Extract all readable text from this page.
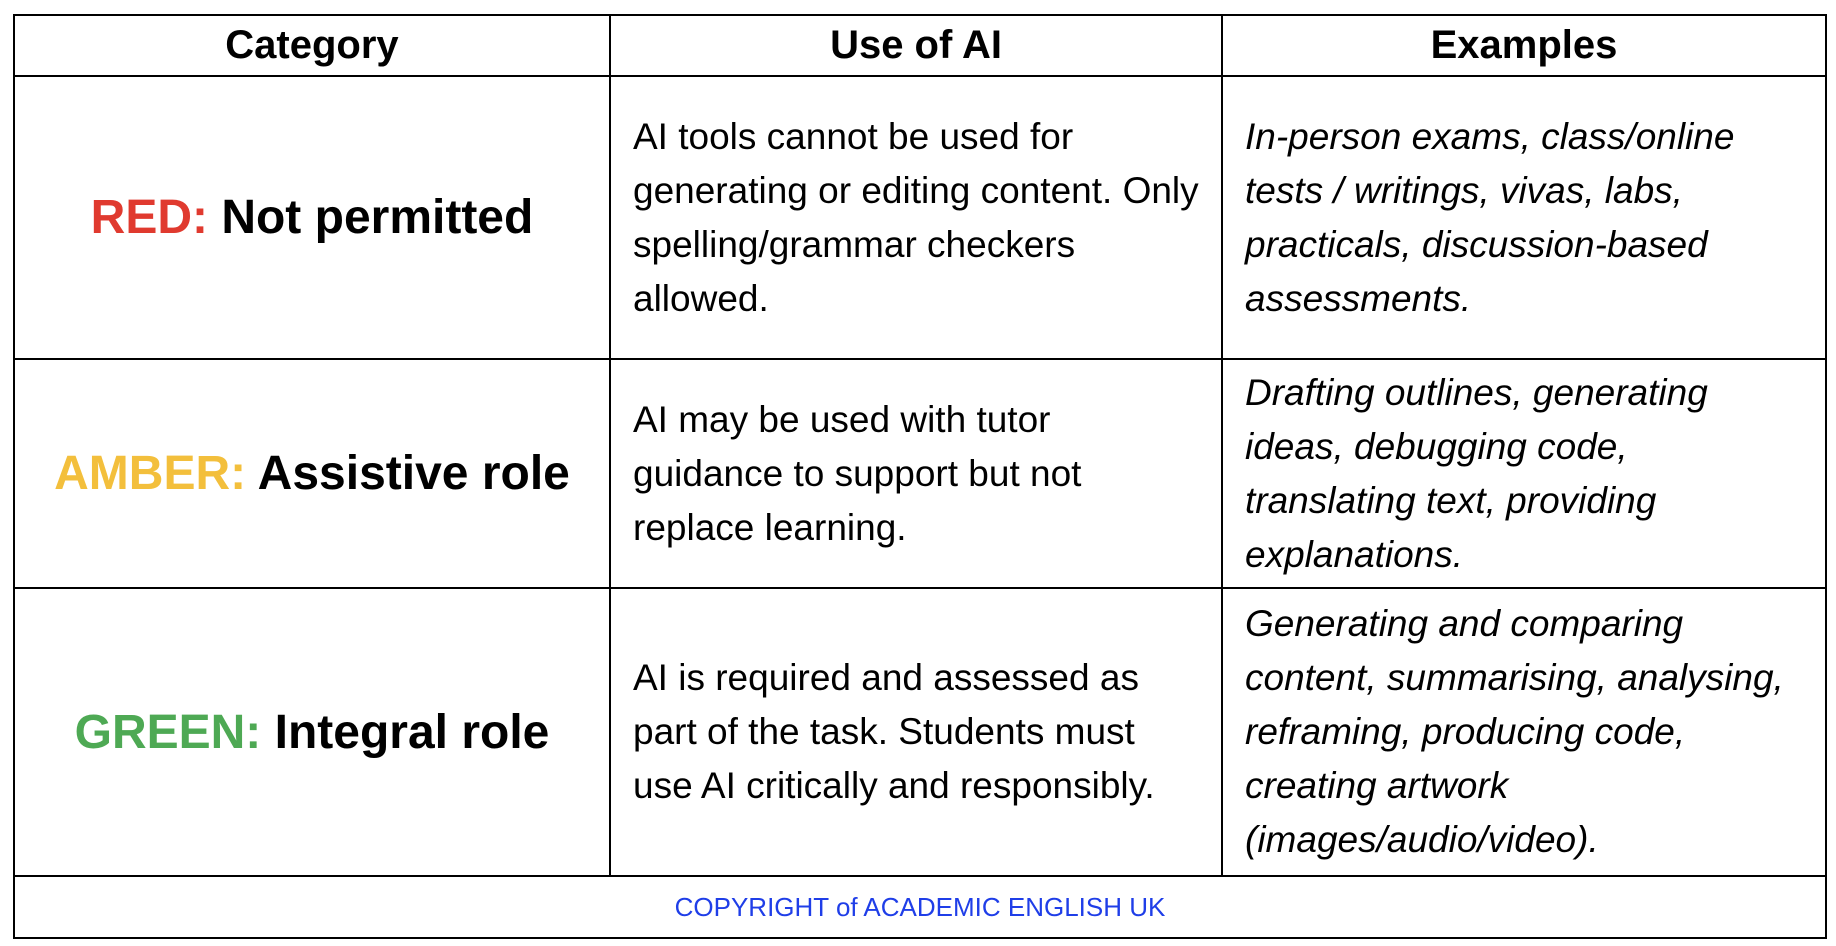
Category	Use of AI	Examples
RED: Not permitted	AI tools cannot be used for generating or editing content. Only spelling/grammar checkers allowed.	In-person exams, class/online tests / writings, vivas, labs, practicals, discussion-based assessments.
AMBER: Assistive role	AI may be used with tutor guidance to support but not replace learning.	Drafting outlines, generating ideas, debugging code, translating text, providing explanations.
GREEN: Integral role	AI is required and assessed as part of the task. Students must use AI critically and responsibly.	Generating and comparing content, summarising, analysing, reframing, producing code, creating artwork (images/audio/video).
COPYRIGHT of ACADEMIC ENGLISH UK		
